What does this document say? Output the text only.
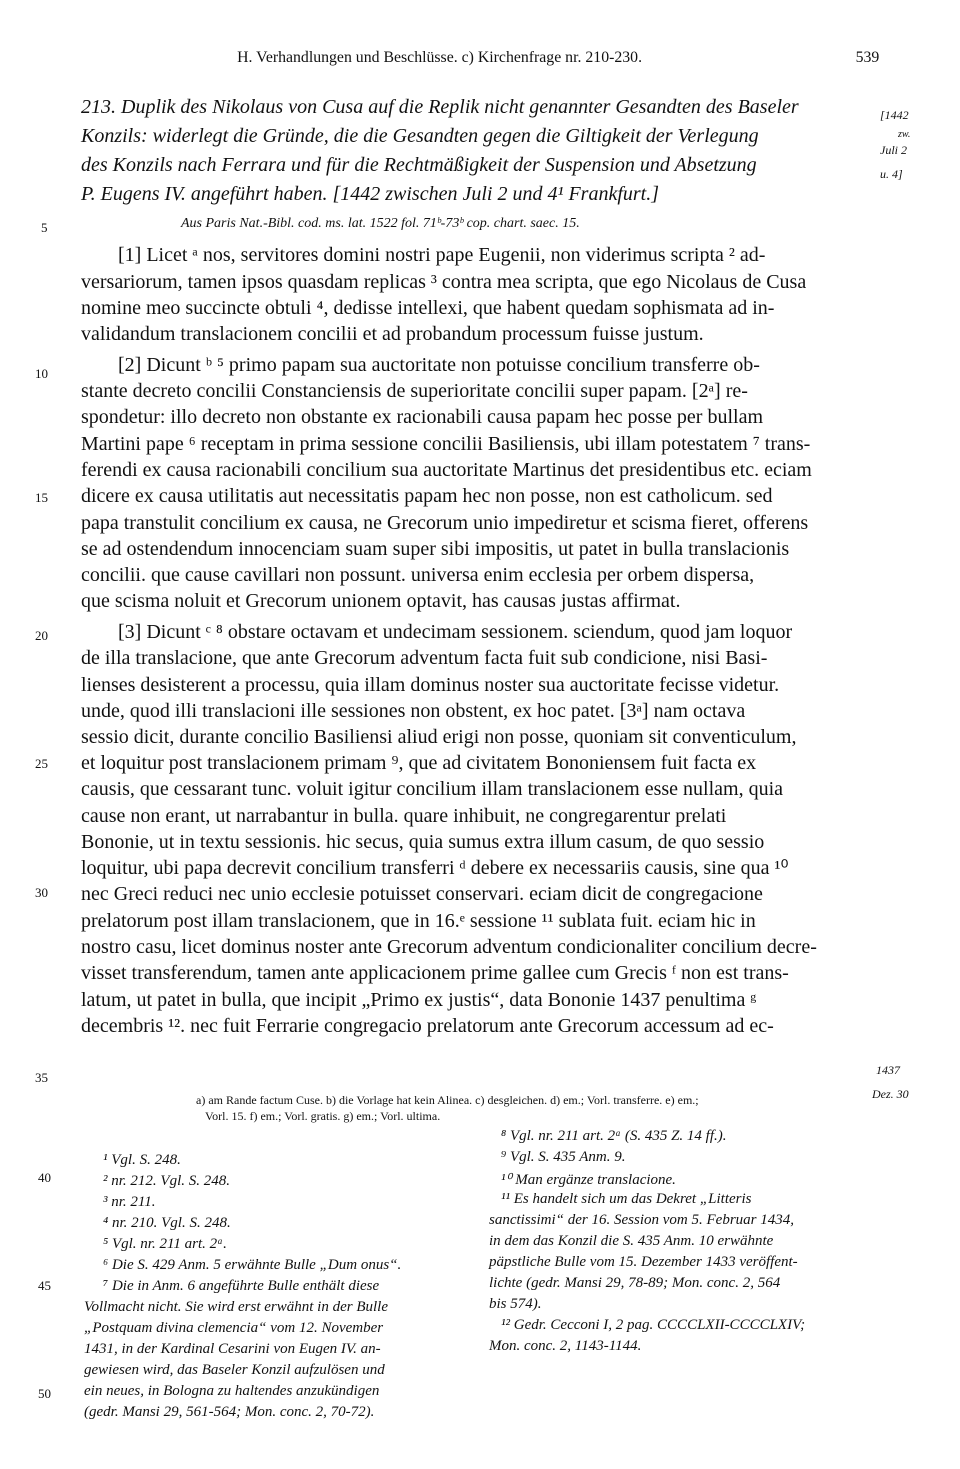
H. Verhandlungen und Beschlüsse. c) Kirchenfrage nr. 210-230.	539
213. Duplik des Nikolaus von Cusa auf die Replik nicht genannter Gesandten des Baseler
Konzils: widerlegt die Gründe, die die Gesandten gegen die Giltigkeit der Verlegung
des Konzils nach Ferrara und für die Rechtmäßigkeit der Suspension und Absetzung
P. Eugens IV. angeführt haben. [1442 zwischen Juli 2 und 4¹ Frankfurt.]
Aus Paris Nat.-Bibl. cod. ms. lat. 1522 fol. 71ᵇ-73ᵇ cop. chart. saec. 15.
[1442
zw.
Juli 2
u. 4]
1437
Dez. 30
5
10
15
20
25
30
35
40
45
50
[1] Licet ᵃ nos, servitores domini nostri pape Eugenii, non viderimus scripta ² ad-
versariorum, tamen ipsos quasdam replicas ³ contra mea scripta, que ego Nicolaus de Cusa
nomine meo succincte obtuli ⁴, dedisse intellexi, que habent quedam sophismata ad in-
validandum translacionem concilii et ad probandum processum fuisse justum.
[2] Dicunt ᵇ ⁵ primo papam sua auctoritate non potuisse concilium transferre ob-
stante decreto concilii Constanciensis de superioritate concilii super papam. [2ᵃ] re-
spondetur: illo decreto non obstante ex racionabili causa papam hec posse per bullam
Martini pape ⁶ receptam in prima sessione concilii Basiliensis, ubi illam potestatem ⁷ trans-
ferendi ex causa racionabili concilium sua auctoritate Martinus det presidentibus etc. eciam
dicere ex causa utilitatis aut necessitatis papam hec non posse, non est catholicum. sed
papa transtulit concilium ex causa, ne Grecorum unio impediretur et scisma fieret, offerens
se ad ostendendum innocenciam suam super sibi impositis, ut patet in bulla translacionis
concilii. que cause cavillari non possunt. universa enim ecclesia per orbem dispersa,
que scisma noluit et Grecorum unionem optavit, has causas justas affirmat.
[3] Dicunt ᶜ ⁸ obstare octavam et undecimam sessionem. sciendum, quod jam loquor
de illa translacione, que ante Grecorum adventum facta fuit sub condicione, nisi Basi-
lienses desisterent a processu, quia illam dominus noster sua auctoritate fecisse videtur.
unde, quod illi translacioni ille sessiones non obstent, ex hoc patet. [3ᵃ] nam octava
sessio dicit, durante concilio Basiliensi aliud erigi non posse, quoniam sit conventiculum,
et loquitur post translacionem primam ⁹, que ad civitatem Bononiensem fuit facta ex
causis, que cessarant tunc. voluit igitur concilium illam translacionem esse nullam, quia
cause non erant, ut narrabantur in bulla. quare inhibuit, ne congregarentur prelati
Bononie, ut in textu sessionis. hic secus, quia sumus extra illum casum, de quo sessio
loquitur, ubi papa decrevit concilium transferri ᵈ debere ex necessariis causis, sine qua ¹⁰
nec Greci reduci nec unio ecclesie potuisset conservari. eciam dicit de congregacione
prelatorum post illam translacionem, que in 16.ᵉ sessione ¹¹ sublata fuit. eciam hic in
nostro casu, licet dominus noster ante Grecorum adventum condicionaliter concilium decre-
visset transferendum, tamen ante applicacionem prime gallee cum Grecis ᶠ non est trans-
latum, ut patet in bulla, que incipit „Primo ex justis“, data Bononie 1437 penultima ᵍ
decembris ¹². nec fuit Ferrarie congregacio prelatorum ante Grecorum accessum ad ec-
a) am Rande factum Cuse. b) die Vorlage hat kein Alinea. c) desgleichen. d) em.; Vorl. transferre. e) em.;
Vorl. 15. f) em.; Vorl. gratis. g) em.; Vorl. ultima.
¹ Vgl. S. 248.
² nr. 212. Vgl. S. 248.
³ nr. 211.
⁴ nr. 210. Vgl. S. 248.
⁵ Vgl. nr. 211 art. 2ᵃ.
⁶ Die S. 429 Anm. 5 erwähnte Bulle „Dum onus“.
⁷ Die in Anm. 6 angeführte Bulle enthält diese
Vollmacht nicht. Sie wird erst erwähnt in der Bulle
„Postquam divina clemencia“ vom 12. November
1431, in der Kardinal Cesarini von Eugen IV. an-
gewiesen wird, das Baseler Konzil aufzulösen und
ein neues, in Bologna zu haltendes anzukündigen
(gedr. Mansi 29, 561-564; Mon. conc. 2, 70-72).
⁸ Vgl. nr. 211 art. 2ᵃ (S. 435 Z. 14 ff.).
⁹ Vgl. S. 435 Anm. 9.
¹⁰ Man ergänze translacione.
¹¹ Es handelt sich um das Dekret „Litteris
sanctissimi“ der 16. Session vom 5. Februar 1434,
in dem das Konzil die S. 435 Anm. 10 erwähnte
päpstliche Bulle vom 15. Dezember 1433 veröffent-
lichte (gedr. Mansi 29, 78-89; Mon. conc. 2, 564
bis 574).
¹² Gedr. Cecconi I, 2 pag. CCCCLXII-CCCCLXIV;
Mon. conc. 2, 1143-1144.
